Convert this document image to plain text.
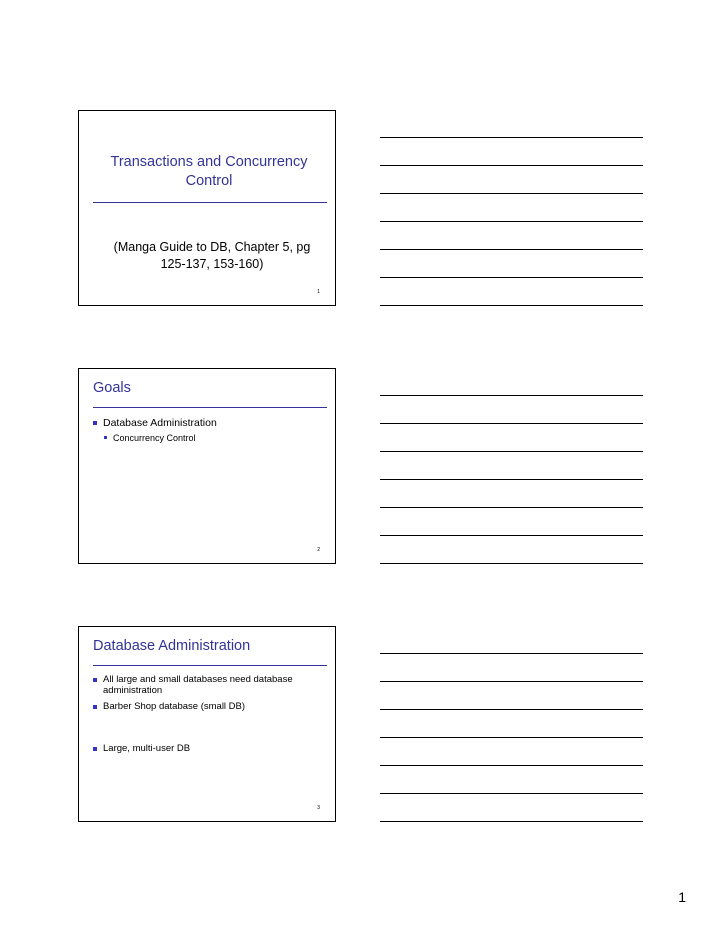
Transactions and Concurrency Control
(Manga Guide to DB, Chapter 5, pg 125-137, 153-160)
1
Goals
Database Administration
Concurrency Control
2
Database Administration
All large and small databases need database administration
Barber Shop database (small DB)
Large, multi-user DB
3
1
